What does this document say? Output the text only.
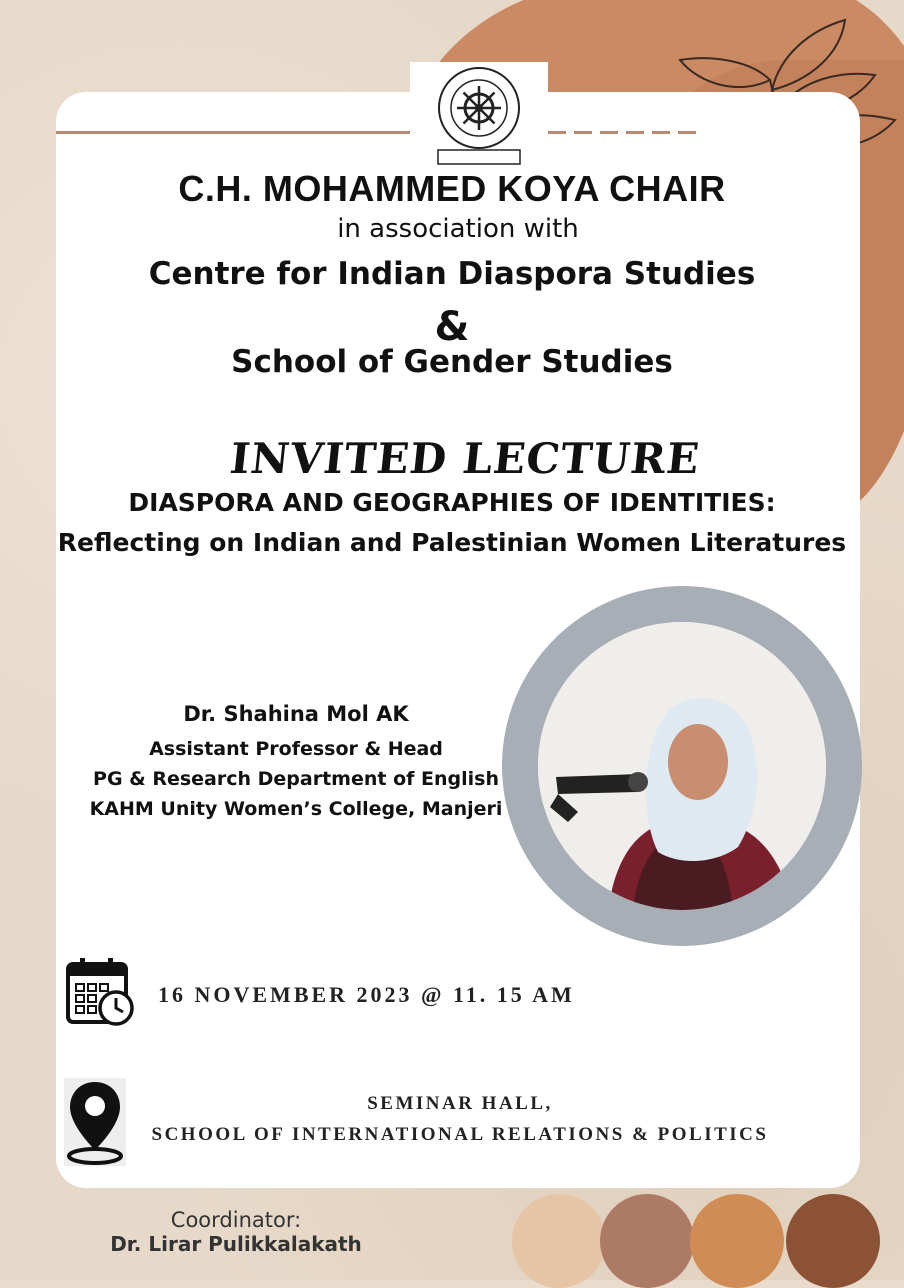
C.H. MOHAMMED KOYA CHAIR
in association with
Centre for Indian Diaspora Studies
&
School of Gender Studies
INVITED LECTURE
DIASPORA AND GEOGRAPHIES OF IDENTITIES:
Reflecting on Indian and Palestinian Women Literatures
Dr. Shahina Mol AK
Assistant Professor & Head
PG & Research Department of English
KAHM Unity Women’s College, Manjeri
16 NOVEMBER 2023 @ 11. 15 AM
SEMINAR HALL,
SCHOOL OF INTERNATIONAL RELATIONS & POLITICS
Coordinator:
Dr. Lirar Pulikkalakath
